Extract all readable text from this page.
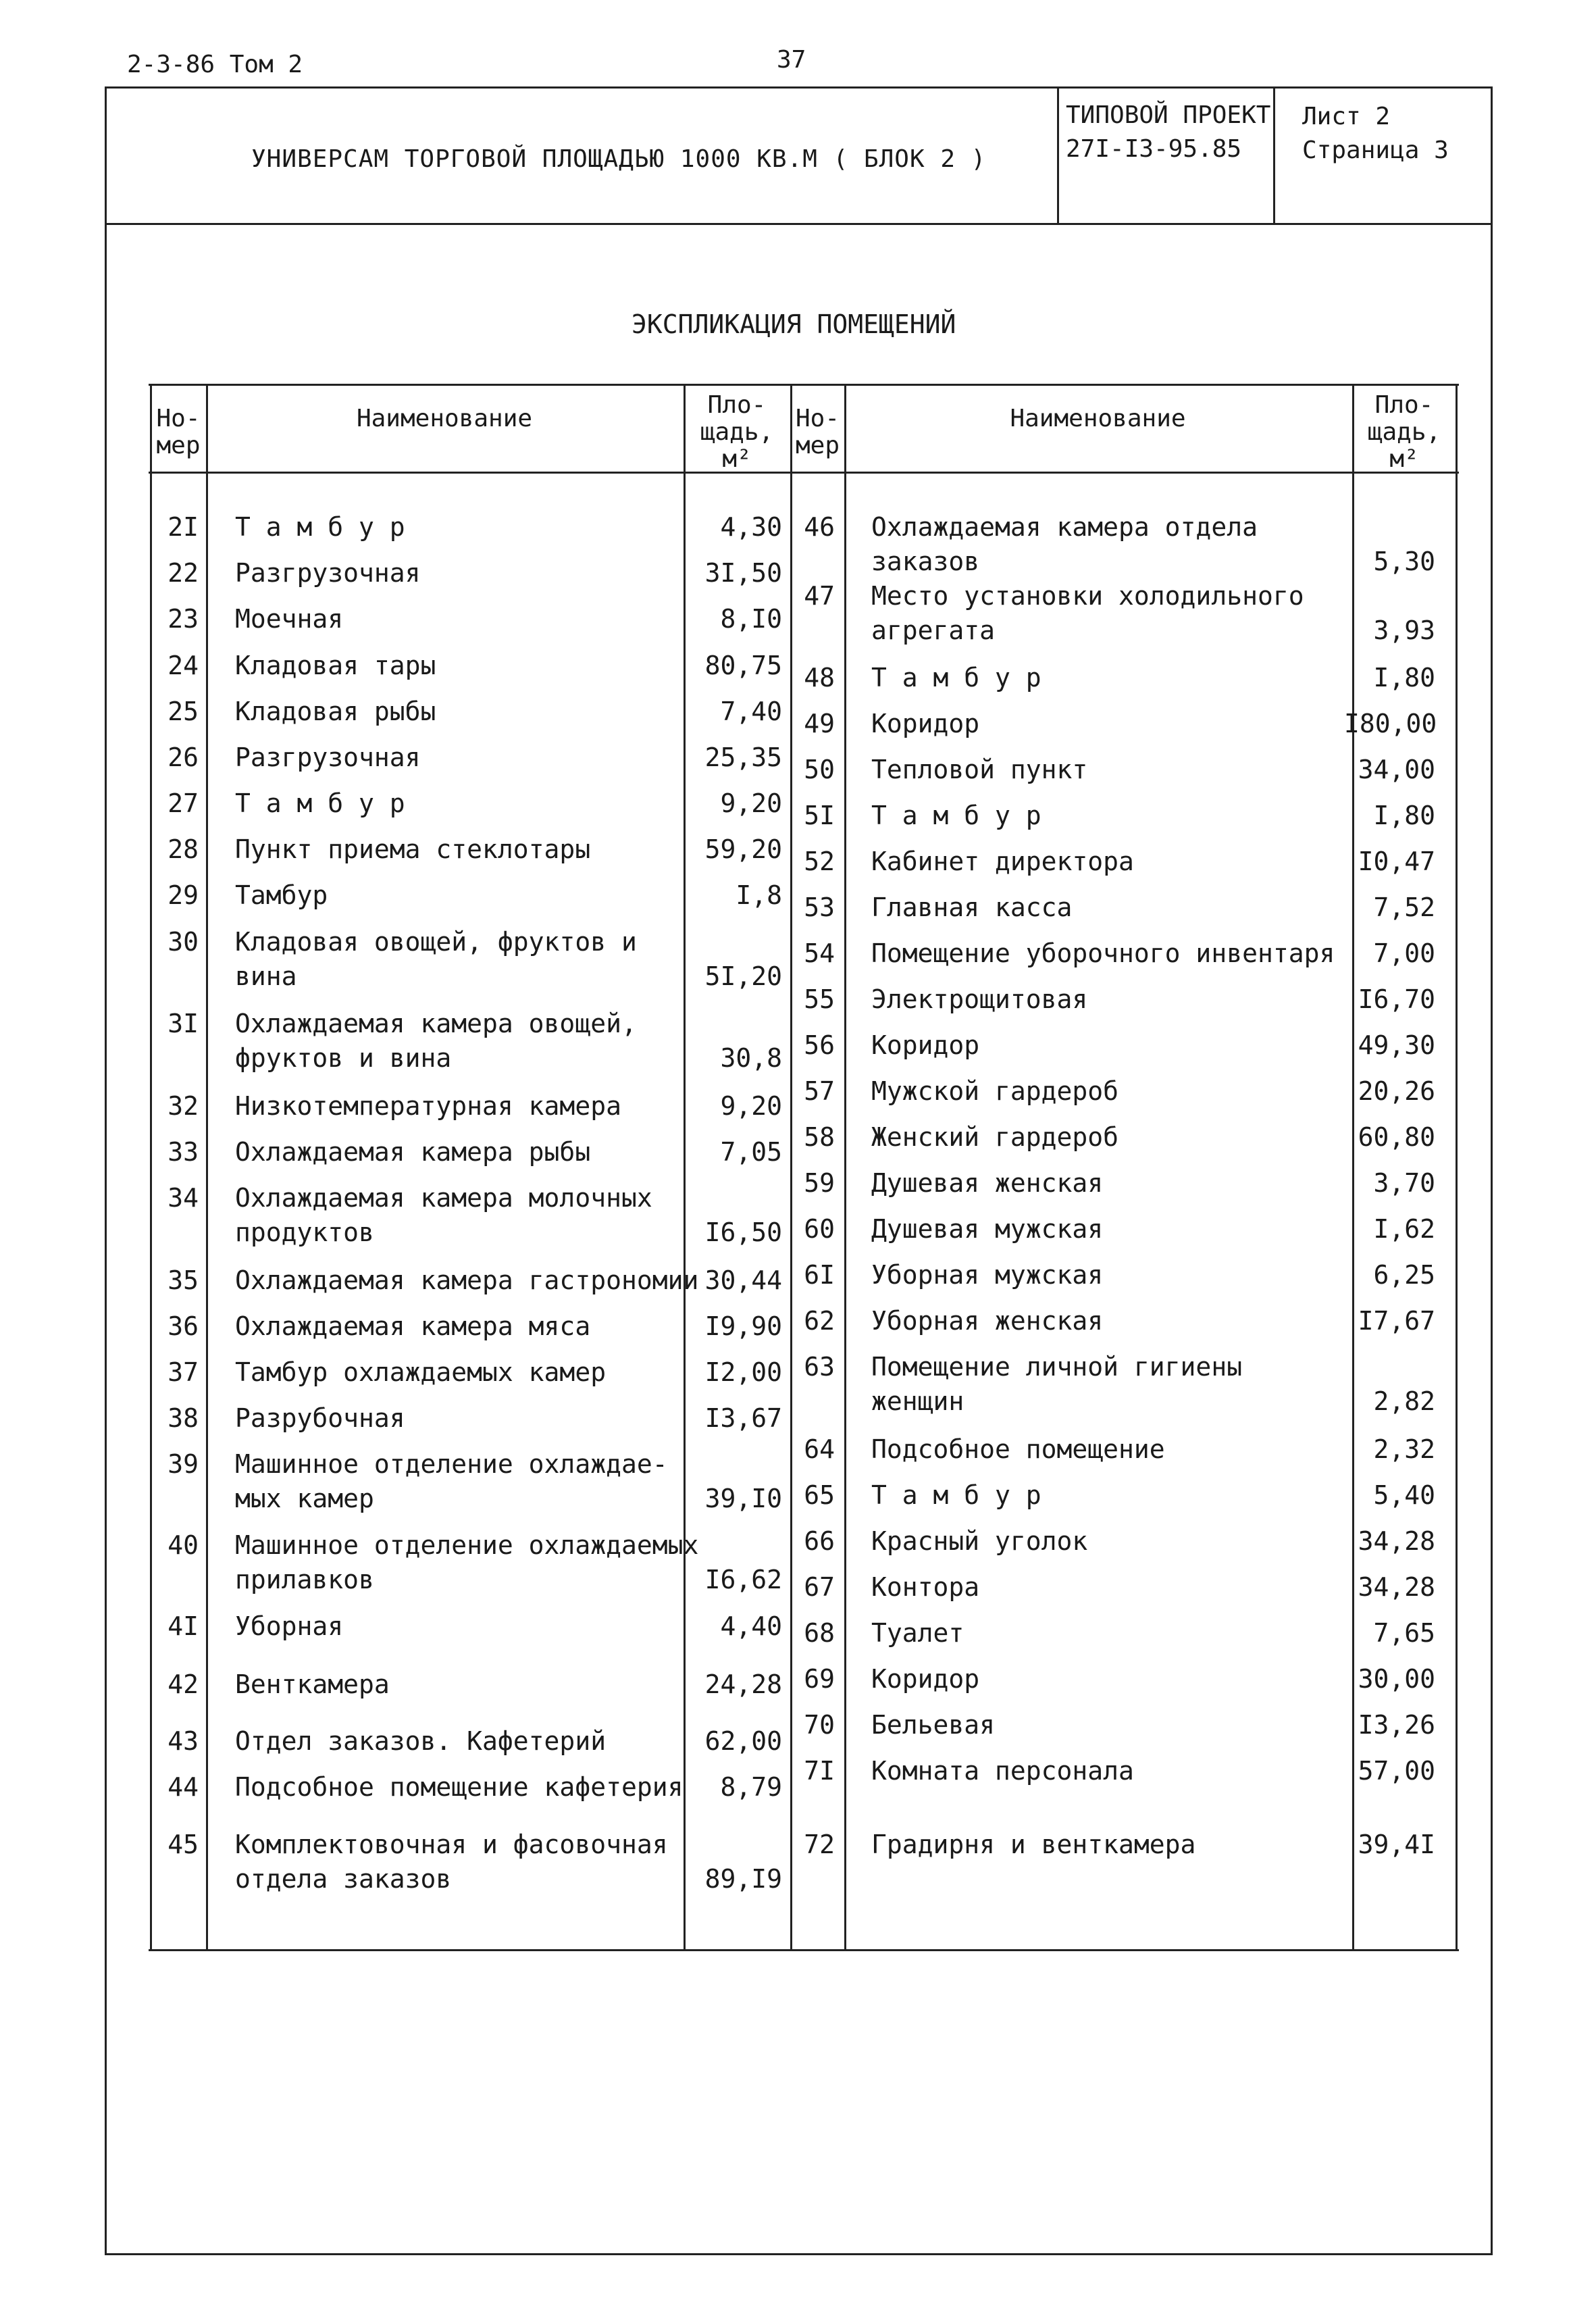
2-3-86 Том 2	37
УНИВЕРСАМ ТОРГОВОЙ ПЛОЩАДЬЮ 1000 КВ.М ( БЛОК 2 )
ТИПОВОЙ ПРОЕКТ
27I-I3-95.85
Лист 2
Страница 3
ЭКСПЛИКАЦИЯ ПОМЕЩЕНИЙ
Но-
мер
Наименование	Пло-
щадь,
м²
Но-
мер
Наименование	Пло-
щадь,
м²
2I Т а м б у р	4,30
22 Разгрузочная	3I,50
23 Моечная	8,I0
24 Кладовая тары	80,75
25 Кладовая рыбы	7,40
26 Разгрузочная	25,35
27 Т а м б у р	9,20
28 Пункт приема стеклотары	59,20
29 Тамбур	I,8
30 Кладовая овощей, фруктов и
вина	5I,20
3I Охлаждаемая камера овощей,
фруктов и вина	30,8
32 Низкотемпературная камера	9,20
33 Охлаждаемая камера рыбы	7,05
34 Охлаждаемая камера молочных
продуктов	I6,50
35 Охлаждаемая камера гастрономии 30,44
36 Охлаждаемая камера мяса	I9,90
37 Тамбур охлаждаемых камер	I2,00
38 Разрубочная	I3,67
39 Машинное отделение охлаждае-
мых камер	39,I0
40 Машинное отделение охлаждаемых
прилавков	I6,62
4I Уборная	4,40
42 Венткамера	24,28
43 Отдел заказов. Кафетерий	62,00
44 Подсобное помещение кафетерия	8,79
45 Комплектовочная и фасовочная
отдела заказов	89,I9
46 Охлаждаемая камера отдела
заказов	5,30
47 Место установки холодильного
агрегата	3,93
48 Т а м б у р	I,80
49 Коридор	I80,00
50 Тепловой пункт	34,00
5I Т а м б у р	I,80
52 Кабинет директора	I0,47
53 Главная касса	7,52
54 Помещение уборочного инвентаря	7,00
55 Электрощитовая	I6,70
56 Коридор	49,30
57 Мужской гардероб	20,26
58 Женский гардероб	60,80
59 Душевая женская	3,70
60 Душевая мужская	I,62
6I Уборная мужская	6,25
62 Уборная женская	I7,67
63 Помещение личной гигиены
женщин	2,82
64 Подсобное помещение	2,32
65 Т а м б у р	5,40
66 Красный уголок	34,28
67 Контора	34,28
68 Туалет	7,65
69 Коридор	30,00
70 Бельевая	I3,26
7I Комната персонала	57,00
72 Градирня и венткамера	39,4I
